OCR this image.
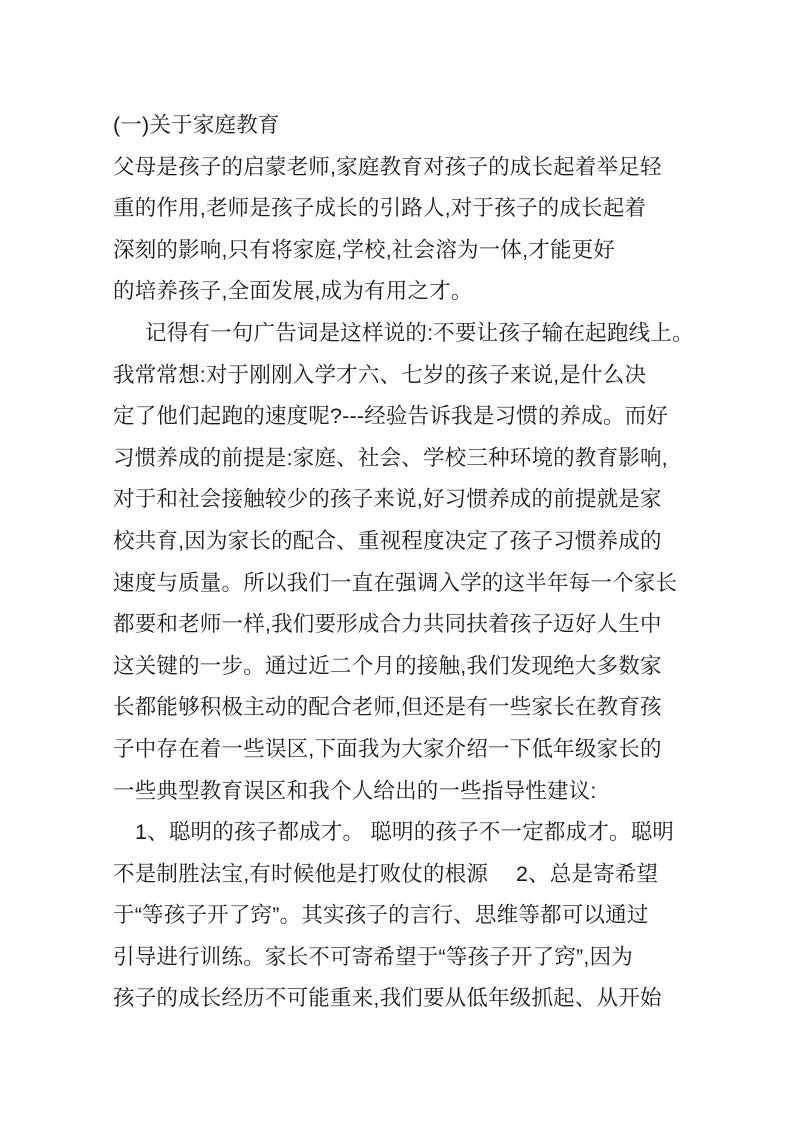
(一)关于家庭教育
父母是孩子的启蒙老师,家庭教育对孩子的成长起着举足轻
重的作用,老师是孩子成长的引路人,对于孩子的成长起着
深刻的影响,只有将家庭,学校,社会溶为一体,才能更好
的培养孩子,全面发展,成为有用之才。
记得有一句广告词是这样说的:不要让孩子输在起跑线上。
我常常想:对于刚刚入学才六、七岁的孩子来说,是什么决
定了他们起跑的速度呢?---经验告诉我是习惯的养成。而好
习惯养成的前提是:家庭、社会、学校三种环境的教育影响,
对于和社会接触较少的孩子来说,好习惯养成的前提就是家
校共育,因为家长的配合、重视程度决定了孩子习惯养成的
速度与质量。所以我们一直在强调入学的这半年每一个家长
都要和老师一样,我们要形成合力共同扶着孩子迈好人生中
这关键的一步。通过近二个月的接触,我们发现绝大多数家
长都能够积极主动的配合老师,但还是有一些家长在教育孩
子中存在着一些误区,下面我为大家介绍一下低年级家长的
一些典型教育误区和我个人给出的一些指导性建议:
1、聪明的孩子都成才。 聪明的孩子不一定都成才。聪明
不是制胜法宝,有时候他是打败仗的根源　 2、总是寄希望
于“等孩子开了窍”。其实孩子的言行、思维等都可以通过
引导进行训练。家长不可寄希望于“等孩子开了窍”,因为
孩子的成长经历不可能重来,我们要从低年级抓起、从开始
